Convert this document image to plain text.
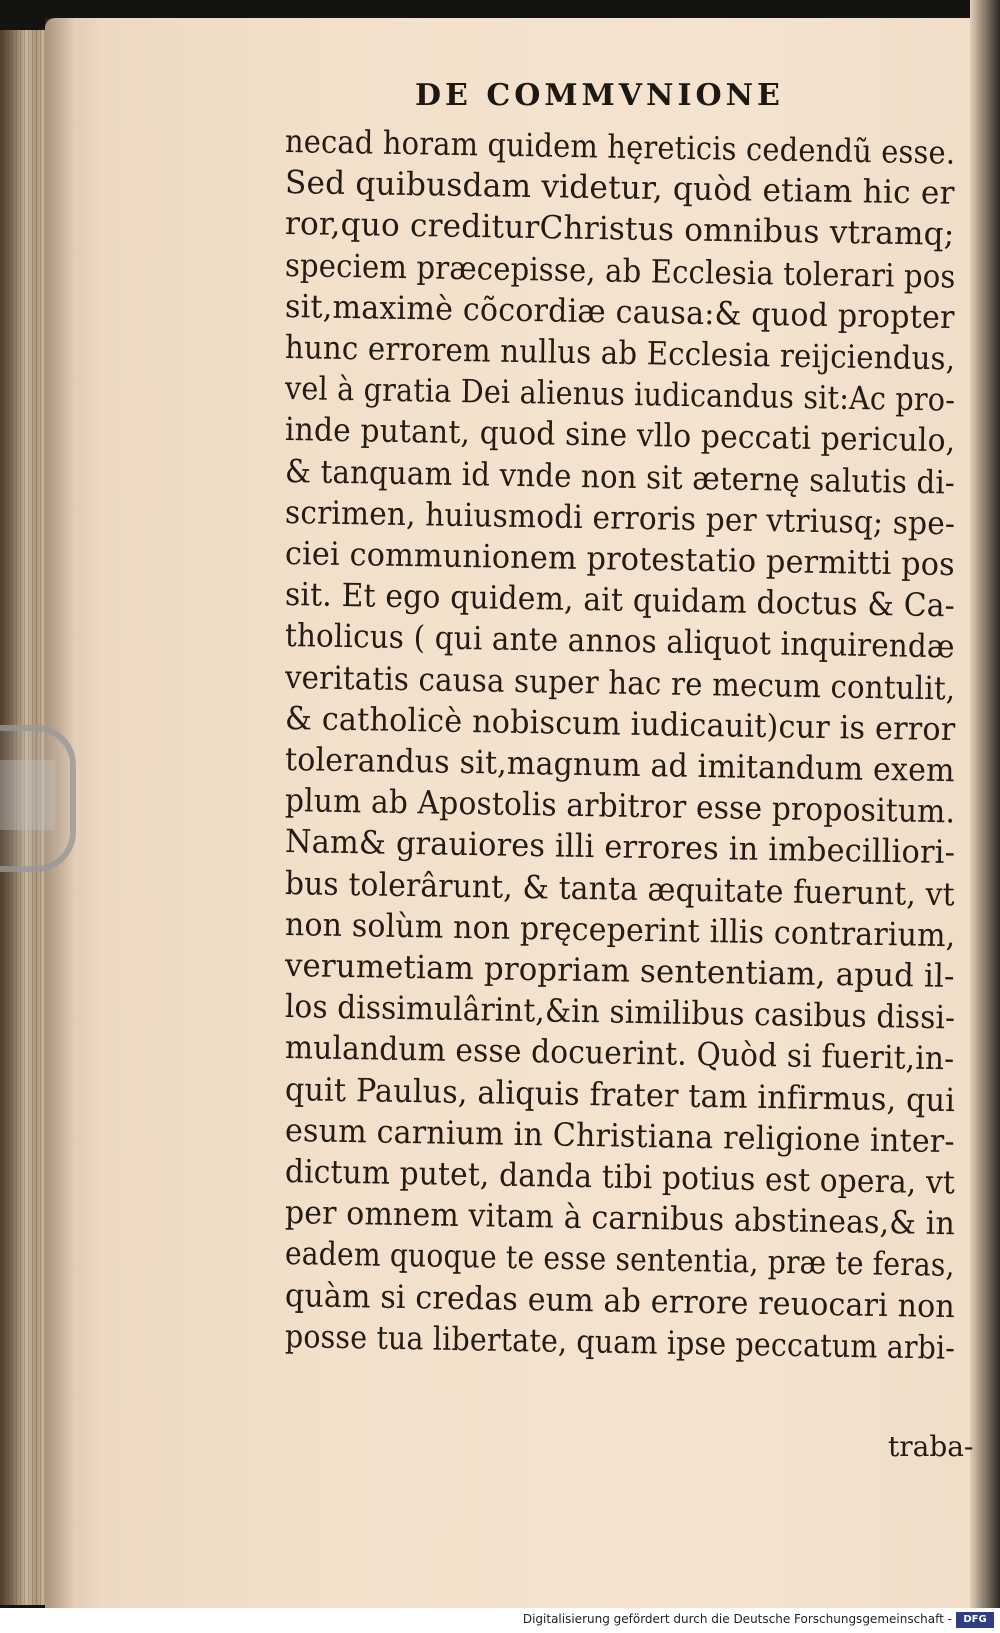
DE COMMVNIONE
necad horam quidem hęreticis cedendũ esse.
Sed quibusdam videtur, quòd etiam hic er
ror,quo crediturChristus omnibus vtramq;
speciem præcepisse, ab Ecclesia tolerari pos
sit,maximè cõcordiæ causa:& quod propter
hunc errorem nullus ab Ecclesia reijciendus,
vel à gratia Dei alienus iudicandus sit:Ac pro-
inde putant, quod sine vllo peccati periculo,
& tanquam id vnde non sit æternę salutis di-
scrimen, huiusmodi erroris per vtriusq; spe-
ciei communionem protestatio permitti pos
sit. Et ego quidem, ait quidam doctus & Ca-
tholicus ( qui ante annos aliquot inquirendæ
veritatis causa super hac re mecum contulit,
& catholicè nobiscum iudicauit)cur is error
tolerandus sit,magnum ad imitandum exem
plum ab Apostolis arbitror esse propositum.
Nam& grauiores illi errores in imbecilliori-
bus tolerârunt, & tanta æquitate fuerunt, vt
non solùm non pręceperint illis contrarium,
verumetiam propriam sententiam, apud il-
los dissimulârint,&in similibus casibus dissi-
mulandum esse docuerint. Quòd si fuerit,in-
quit Paulus, aliquis frater tam infirmus, qui
esum carnium in Christiana religione inter-
dictum putet, danda tibi potius est opera, vt
per omnem vitam à carnibus abstineas,& in
eadem quoque te esse sententia, præ te feras,
quàm si credas eum ab errore reuocari non
posse tua libertate, quam ipse peccatum arbi-
traba-
Digitalisierung gefördert durch die Deutsche Forschungsgemeinschaft -	DFG
